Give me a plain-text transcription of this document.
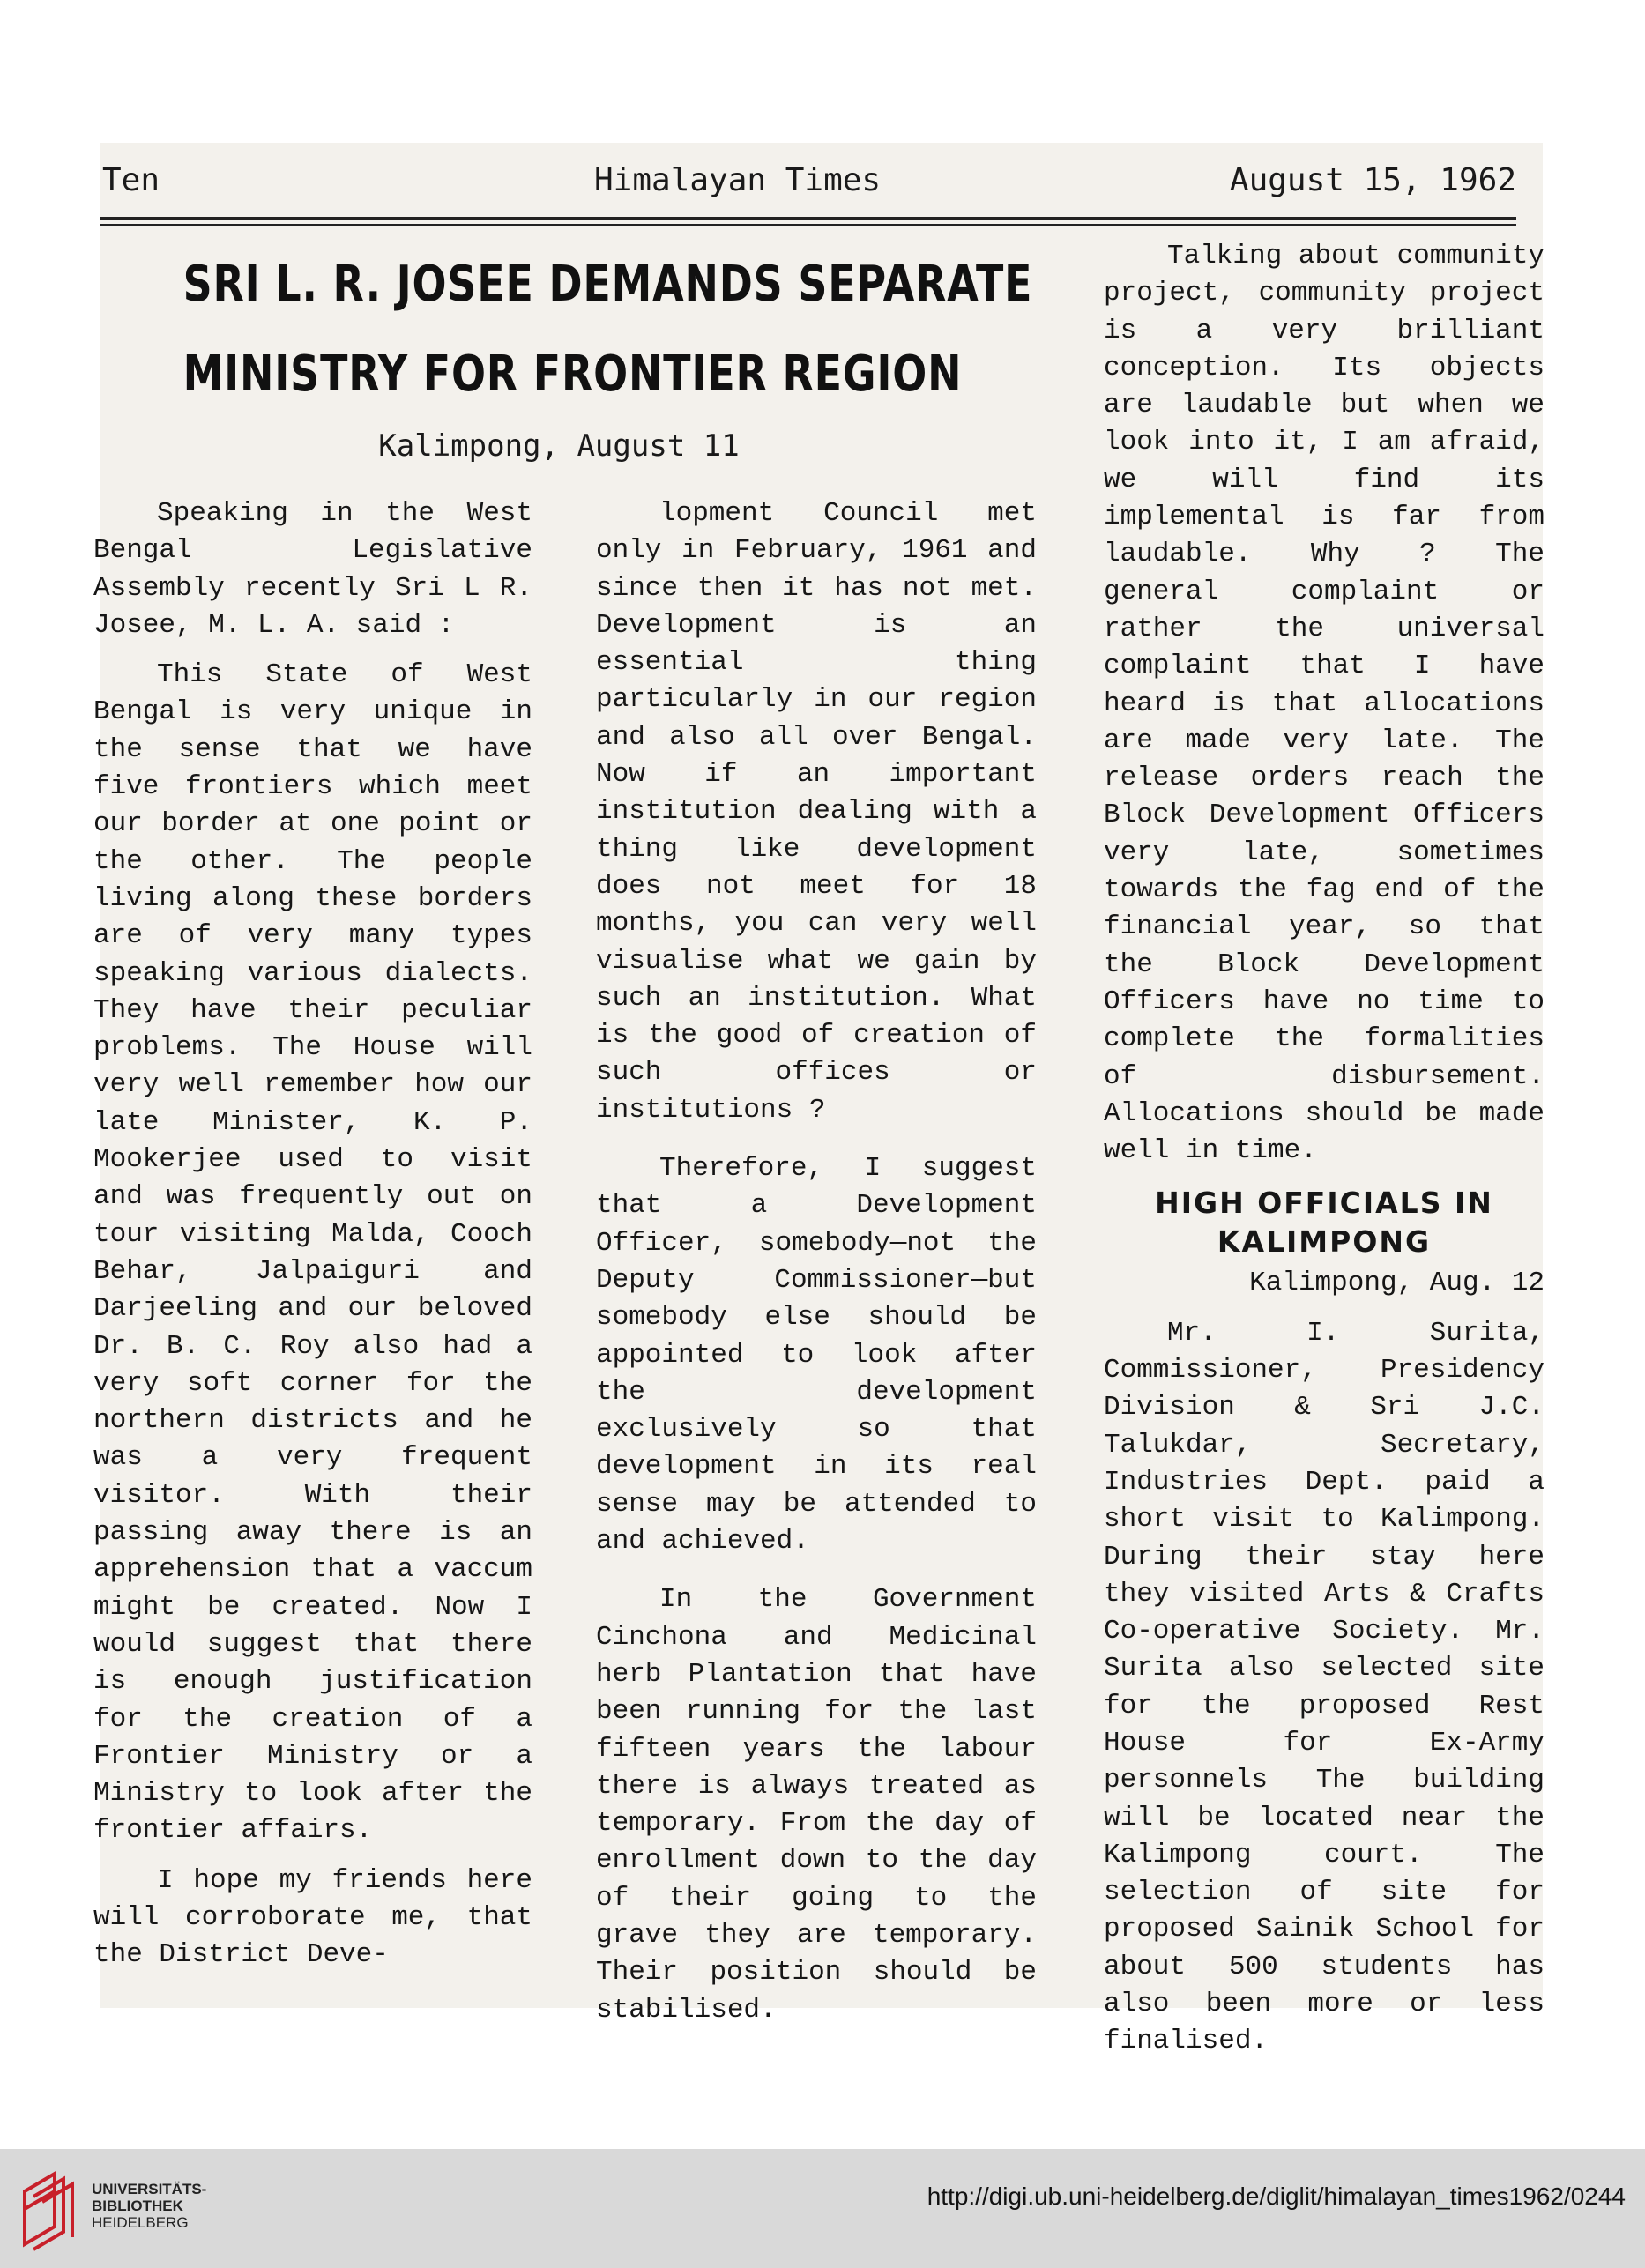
Ten	Himalayan Times	August 15, 1962
SRI L. R. JOSEE DEMANDS SEPARATE
MINISTRY FOR FRONTIER REGION
Kalimpong, August 11

Speaking in the West Bengal Legislative Assembly recently Sri L R. Josee, M. L. A. said :

This State of West Bengal is very unique in the sense that we have five frontiers which meet our border at one point or the other. The people living along these borders are of very many types speaking various dialects. They have their peculiar problems. The House will very well remember how our late Minister, K. P. Mookerjee used to visit and was frequently out on tour visiting Malda, Cooch Behar, Jalpaiguri and Darjeeling and our beloved Dr. B. C. Roy also had a very soft corner for the northern districts and he was a very frequent visitor. With their passing away there is an apprehension that a vaccum might be created. Now I would suggest that there is enough justification for the creation of a Frontier Ministry or a Ministry to look after the frontier affairs.

I hope my friends here will corroborate me, that the District Deve-

lopment Council met only in February, 1961 and since then it has not met. Development is an essential thing particularly in our region and also all over Bengal. Now if an important institution dealing with a thing like development does not meet for 18 months, you can very well visualise what we gain by such an institution. What is the good of creation of such offices or institutions ?

Therefore, I suggest that a Development Officer, somebody—not the Deputy Commissioner—but somebody else should be appointed to look after the development exclusively so that development in its real sense may be attended to and achieved.

In the Government Cinchona and Medicinal herb Plantation that have been running for the last fifteen years the labour there is always treated as temporary. From the day of enrollment down to the day of their going to the grave they are temporary. Their position should be stabilised.

Talking about community project, community project is a very brilliant conception. Its objects are laudable but when we look into it, I am afraid, we will find its implemental is far from laudable. Why ? The general complaint or rather the universal complaint that I have heard is that allocations are made very late. The release orders reach the Block Development Officers very late, sometimes towards the fag end of the financial year, so that the Block Development Officers have no time to complete the formalities of disbursement. Allocations should be made well in time.

HIGH OFFICIALS IN
KALIMPONG

Kalimpong, Aug. 12

Mr. I. Surita, Commissioner, Presidency Division & Sri J.C. Talukdar, Secretary, Industries Dept. paid a short visit to Kalimpong. During their stay here they visited Arts & Crafts Co-operative Society. Mr. Surita also selected site for the proposed Rest House for Ex-Army personnels The building will be located near the Kalimpong court. The selection of site for proposed Sainik School for about 500 students has also been more or less finalised.

UNIVERSITÄTS-
BIBLIOTHEK
HEIDELBERG
http://digi.ub.uni-heidelberg.de/diglit/himalayan_times1962/0244
